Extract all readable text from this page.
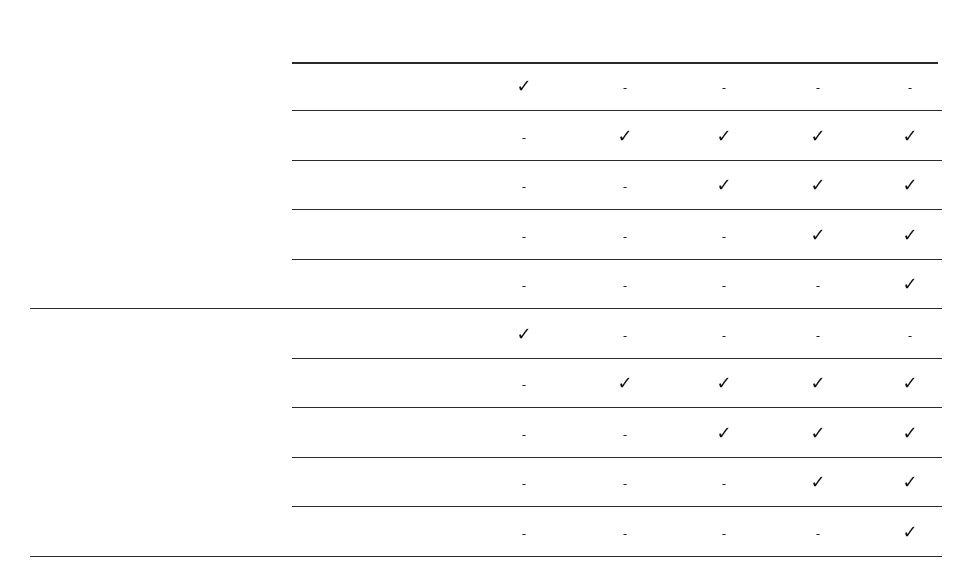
✓	-	-	-	-
-	✓	✓	✓	✓
-	-	✓	✓	✓
-	-	-	✓	✓
-	-	-	-	✓
✓	-	-	-	-
-	✓	✓	✓	✓
-	-	✓	✓	✓
-	-	-	✓	✓
-	-	-	-	✓
